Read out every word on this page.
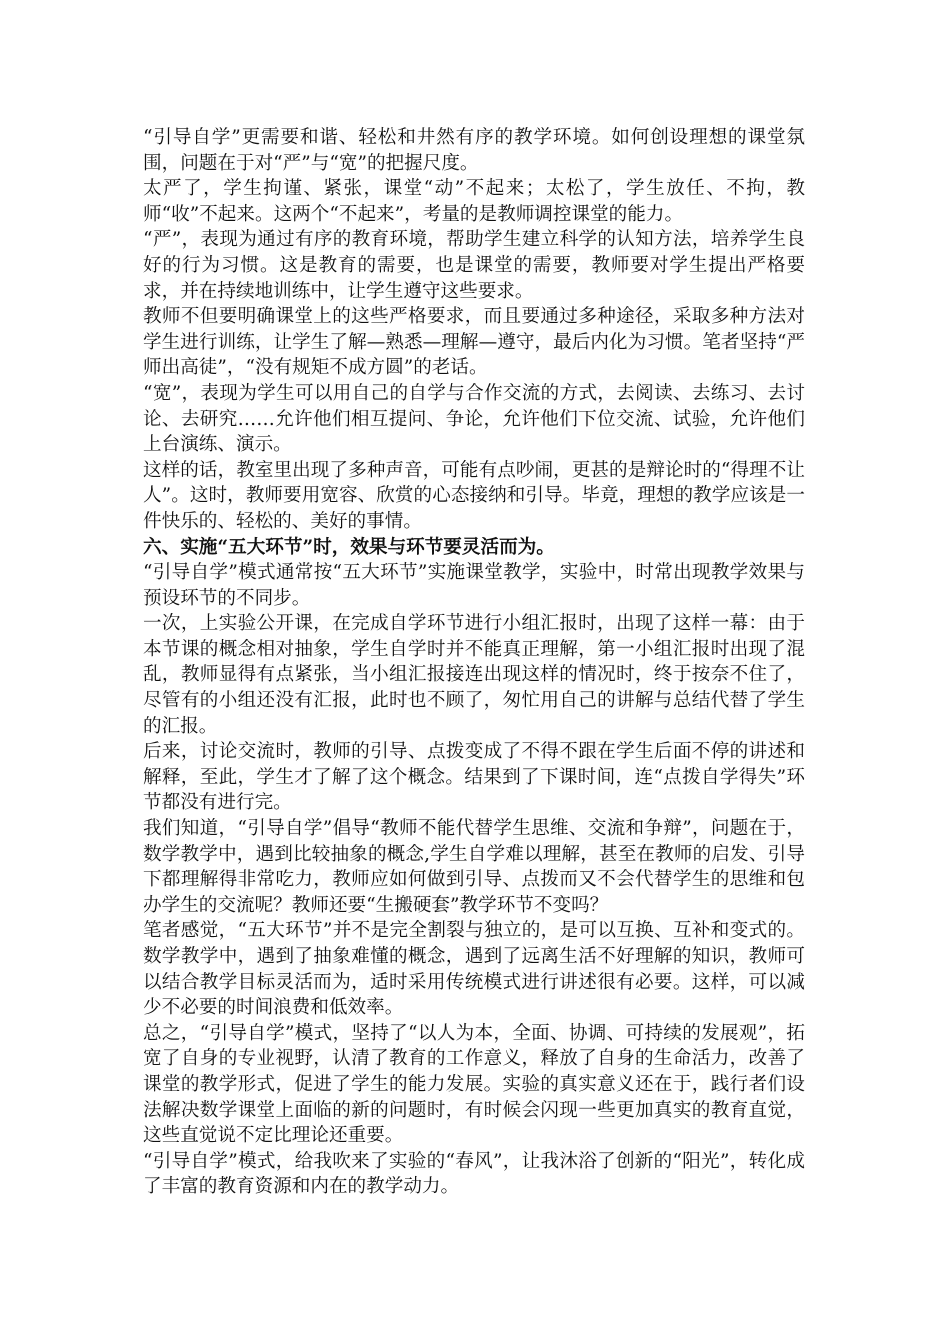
“引导自学”更需要和谐、轻松和井然有序的教学环境。如何创设理想的课堂氛围，问题在于对“严”与“宽”的把握尺度。

太严了，学生拘谨、紧张，课堂“动”不起来；太松了，学生放任、不拘，教师“收”不起来。这两个“不起来”，考量的是教师调控课堂的能力。

“严”，表现为通过有序的教育环境，帮助学生建立科学的认知方法，培养学生良好的行为习惯。这是教育的需要，也是课堂的需要，教师要对学生提出严格要求，并在持续地训练中，让学生遵守这些要求。

教师不但要明确课堂上的这些严格要求，而且要通过多种途径，采取多种方法对学生进行训练，让学生了解—熟悉—理解—遵守，最后内化为习惯。笔者坚持“严师出高徒”，“没有规矩不成方圆”的老话。

“宽”，表现为学生可以用自己的自学与合作交流的方式，去阅读、去练习、去讨论、去研究……允许他们相互提问、争论，允许他们下位交流、试验，允许他们上台演练、演示。

这样的话，教室里出现了多种声音，可能有点吵闹，更甚的是辩论时的“得理不让人”。这时，教师要用宽容、欣赏的心态接纳和引导。毕竟，理想的教学应该是一件快乐的、轻松的、美好的事情。

六、实施“五大环节”时，效果与环节要灵活而为。

“引导自学”模式通常按“五大环节”实施课堂教学，实验中，时常出现教学效果与预设环节的不同步。

一次，上实验公开课，在完成自学环节进行小组汇报时，出现了这样一幕：由于本节课的概念相对抽象，学生自学时并不能真正理解，第一小组汇报时出现了混乱，教师显得有点紧张，当小组汇报接连出现这样的情况时，终于按奈不住了，尽管有的小组还没有汇报，此时也不顾了，匆忙用自己的讲解与总结代替了学生的汇报。

后来，讨论交流时，教师的引导、点拨变成了不得不跟在学生后面不停的讲述和解释，至此，学生才了解了这个概念。结果到了下课时间，连“点拨自学得失”环节都没有进行完。

我们知道，“引导自学”倡导“教师不能代替学生思维、交流和争辩”，问题在于，数学教学中，遇到比较抽象的概念,学生自学难以理解，甚至在教师的启发、引导下都理解得非常吃力，教师应如何做到引导、点拨而又不会代替学生的思维和包办学生的交流呢？教师还要“生搬硬套”教学环节不变吗？

笔者感觉，“五大环节”并不是完全割裂与独立的，是可以互换、互补和变式的。数学教学中，遇到了抽象难懂的概念，遇到了远离生活不好理解的知识，教师可以结合教学目标灵活而为，适时采用传统模式进行讲述很有必要。这样，可以减少不必要的时间浪费和低效率。

总之，“引导自学”模式，坚持了“以人为本，全面、协调、可持续的发展观”，拓宽了自身的专业视野，认清了教育的工作意义，释放了自身的生命活力，改善了课堂的教学形式，促进了学生的能力发展。实验的真实意义还在于，践行者们设法解决数学课堂上面临的新的问题时，有时候会闪现一些更加真实的教育直觉，这些直觉说不定比理论还重要。

“引导自学”模式，给我吹来了实验的“春风”，让我沐浴了创新的“阳光”，转化成了丰富的教育资源和内在的教学动力。
